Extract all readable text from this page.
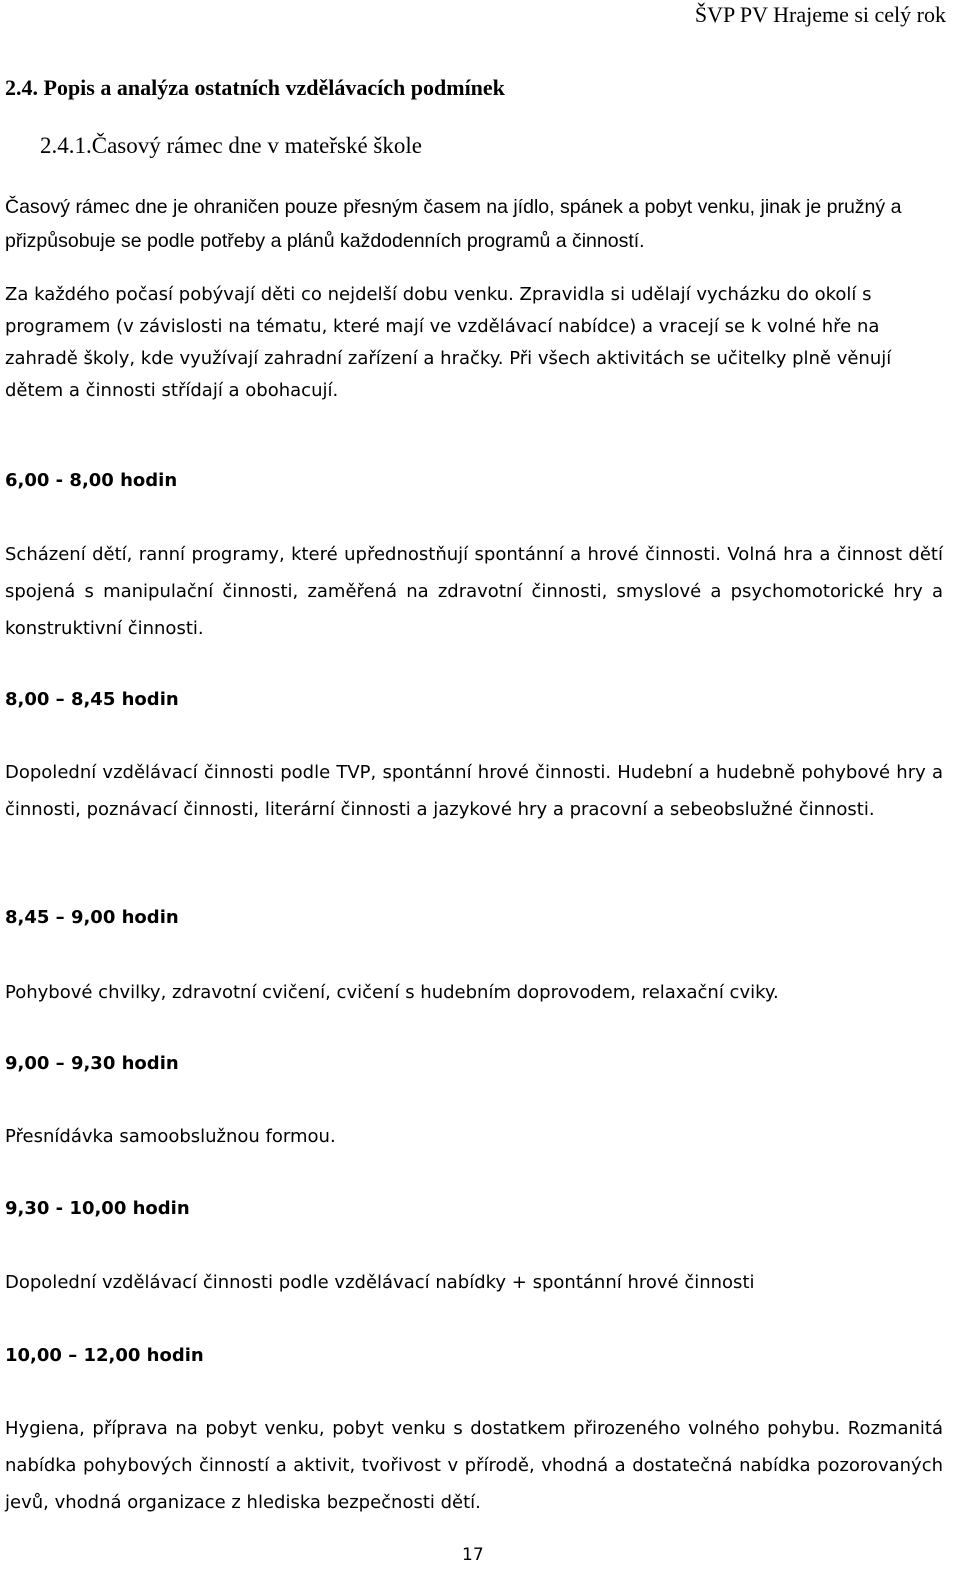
ŠVP PV Hrajeme si celý rok
2.4. Popis a analýza ostatních vzdělávacích podmínek
2.4.1.Časový rámec dne v mateřské škole

Časový rámec dne je ohraničen pouze přesným časem na jídlo, spánek a pobyt venku, jinak je pružný a přizpůsobuje se podle potřeby a plánů každodenních programů a činností.

Za každého počasí pobývají děti co nejdelší dobu venku. Zpravidla si udělají vycházku do okolí s programem (v závislosti na tématu, které mají ve vzdělávací nabídce) a vracejí se k volné hře na zahradě školy, kde využívají zahradní zařízení a hračky. Při všech aktivitách se učitelky plně věnují dětem a činnosti střídají a obohacují.

6,00 - 8,00 hodin

Scházení dětí, ranní programy, které upřednostňují spontánní a hrové činnosti. Volná hra a činnost dětí spojená s manipulační činnosti, zaměřená na zdravotní činnosti, smyslové a psychomotorické hry a konstruktivní činnosti.

8,00 – 8,45 hodin

Dopolední vzdělávací činnosti podle TVP, spontánní hrové činnosti. Hudební a hudebně pohybové hry a činnosti, poznávací činnosti, literární činnosti a jazykové hry a pracovní a sebeobslužné činnosti.

8,45 – 9,00 hodin
Pohybové chvilky, zdravotní cvičení, cvičení s hudebním doprovodem, relaxační cviky.
9,00 – 9,30 hodin
Přesnídávka samoobslužnou formou.
9,30 - 10,00 hodin
Dopolední vzdělávací činnosti podle vzdělávací nabídky + spontánní hrové činnosti
10,00 – 12,00 hodin

Hygiena, příprava na pobyt venku, pobyt venku s dostatkem přirozeného volného pohybu. Rozmanitá nabídka pohybových činností a aktivit, tvořivost v přírodě, vhodná a dostatečná nabídka pozorovaných jevů, vhodná organizace z hlediska bezpečnosti dětí.

17
